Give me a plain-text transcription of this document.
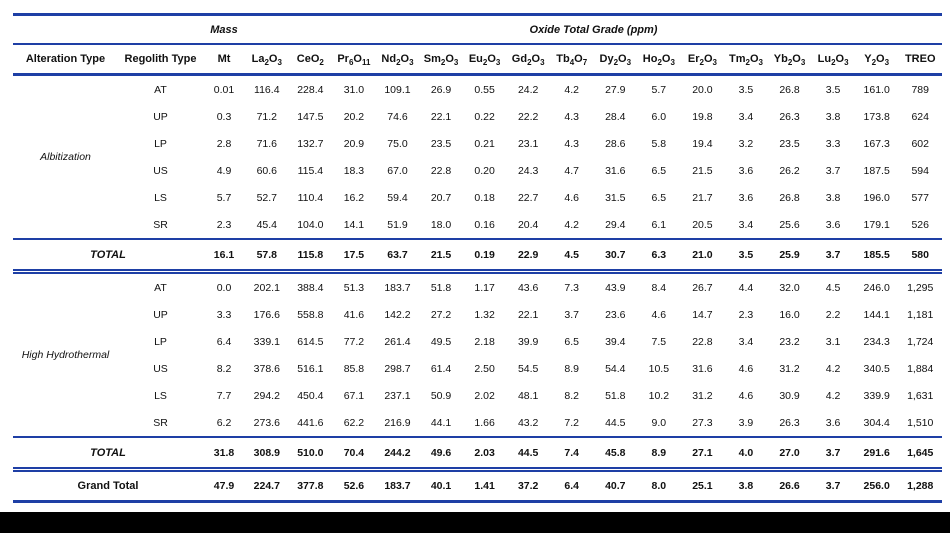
		Mass	Oxide Total Grade (ppm)															
Alteration Type	Regolith Type	Mt	$La_2O_3$	CeO$_2$	$Pr_6O_{11}$	$Nd_2O_3$	$Sm_2O_3$	$Eu_2O_3$	$Gd_2O_3$	$Tb_4O_7$	$Dy_2O_3$	$Ho_2O_3$	$Er_2O_3$	$Tm_2O_3$	$Yb_2O_3$	$Lu_2O_3$	$Y_2O_3$	TREO
Albitization	AT	0.01	116.4	228.4	31.0	109.1	26.9	0.55	24.2	4.2	27.9	5.7	20.0	3.5	26.8	3.5	161.0	789
	UP	0.3	71.2	147.5	20.2	74.6	22.1	0.22	22.2	4.3	28.4	6.0	19.8	3.4	26.3	3.8	173.8	624
	LP	2.8	71.6	132.7	20.9	75.0	23.5	0.21	23.1	4.3	28.6	5.8	19.4	3.2	23.5	3.3	167.3	602
	US	4.9	60.6	115.4	18.3	67.0	22.8	0.20	24.3	4.7	31.6	6.5	21.5	3.6	26.2	3.7	187.5	594
	LS	5.7	52.7	110.4	16.2	59.4	20.7	0.18	22.7	4.6	31.5	6.5	21.7	3.6	26.8	3.8	196.0	577
	SR	2.3	45.4	104.0	14.1	51.9	18.0	0.16	20.4	4.2	29.4	6.1	20.5	3.4	25.6	3.6	179.1	526
TOTAL		16.1	57.8	115.8	17.5	63.7	21.5	0.19	22.9	4.5	30.7	6.3	21.0	3.5	25.9	3.7	185.5	580
High Hydrothermal	AT	0.0	202.1	388.4	51.3	183.7	51.8	1.17	43.6	7.3	43.9	8.4	26.7	4.4	32.0	4.5	246.0	1,295
	UP	3.3	176.6	558.8	41.6	142.2	27.2	1.32	22.1	3.7	23.6	4.6	14.7	2.3	16.0	2.2	144.1	1,181
	LP	6.4	339.1	614.5	77.2	261.4	49.5	2.18	39.9	6.5	39.4	7.5	22.8	3.4	23.2	3.1	234.3	1,724
	US	8.2	378.6	516.1	85.8	298.7	61.4	2.50	54.5	8.9	54.4	10.5	31.6	4.6	31.2	4.2	340.5	1,884
	LS	7.7	294.2	450.4	67.1	237.1	50.9	2.02	48.1	8.2	51.8	10.2	31.2	4.6	30.9	4.2	339.9	1,631
	SR	6.2	273.6	441.6	62.2	216.9	44.1	1.66	43.2	7.2	44.5	9.0	27.3	3.9	26.3	3.6	304.4	1,510
TOTAL		31.8	308.9	510.0	70.4	244.2	49.6	2.03	44.5	7.4	45.8	8.9	27.1	4.0	27.0	3.7	291.6	1,645
Grand Total		47.9	224.7	377.8	52.6	183.7	40.1	1.41	37.2	6.4	40.7	8.0	25.1	3.8	26.6	3.7	256.0	1,288
